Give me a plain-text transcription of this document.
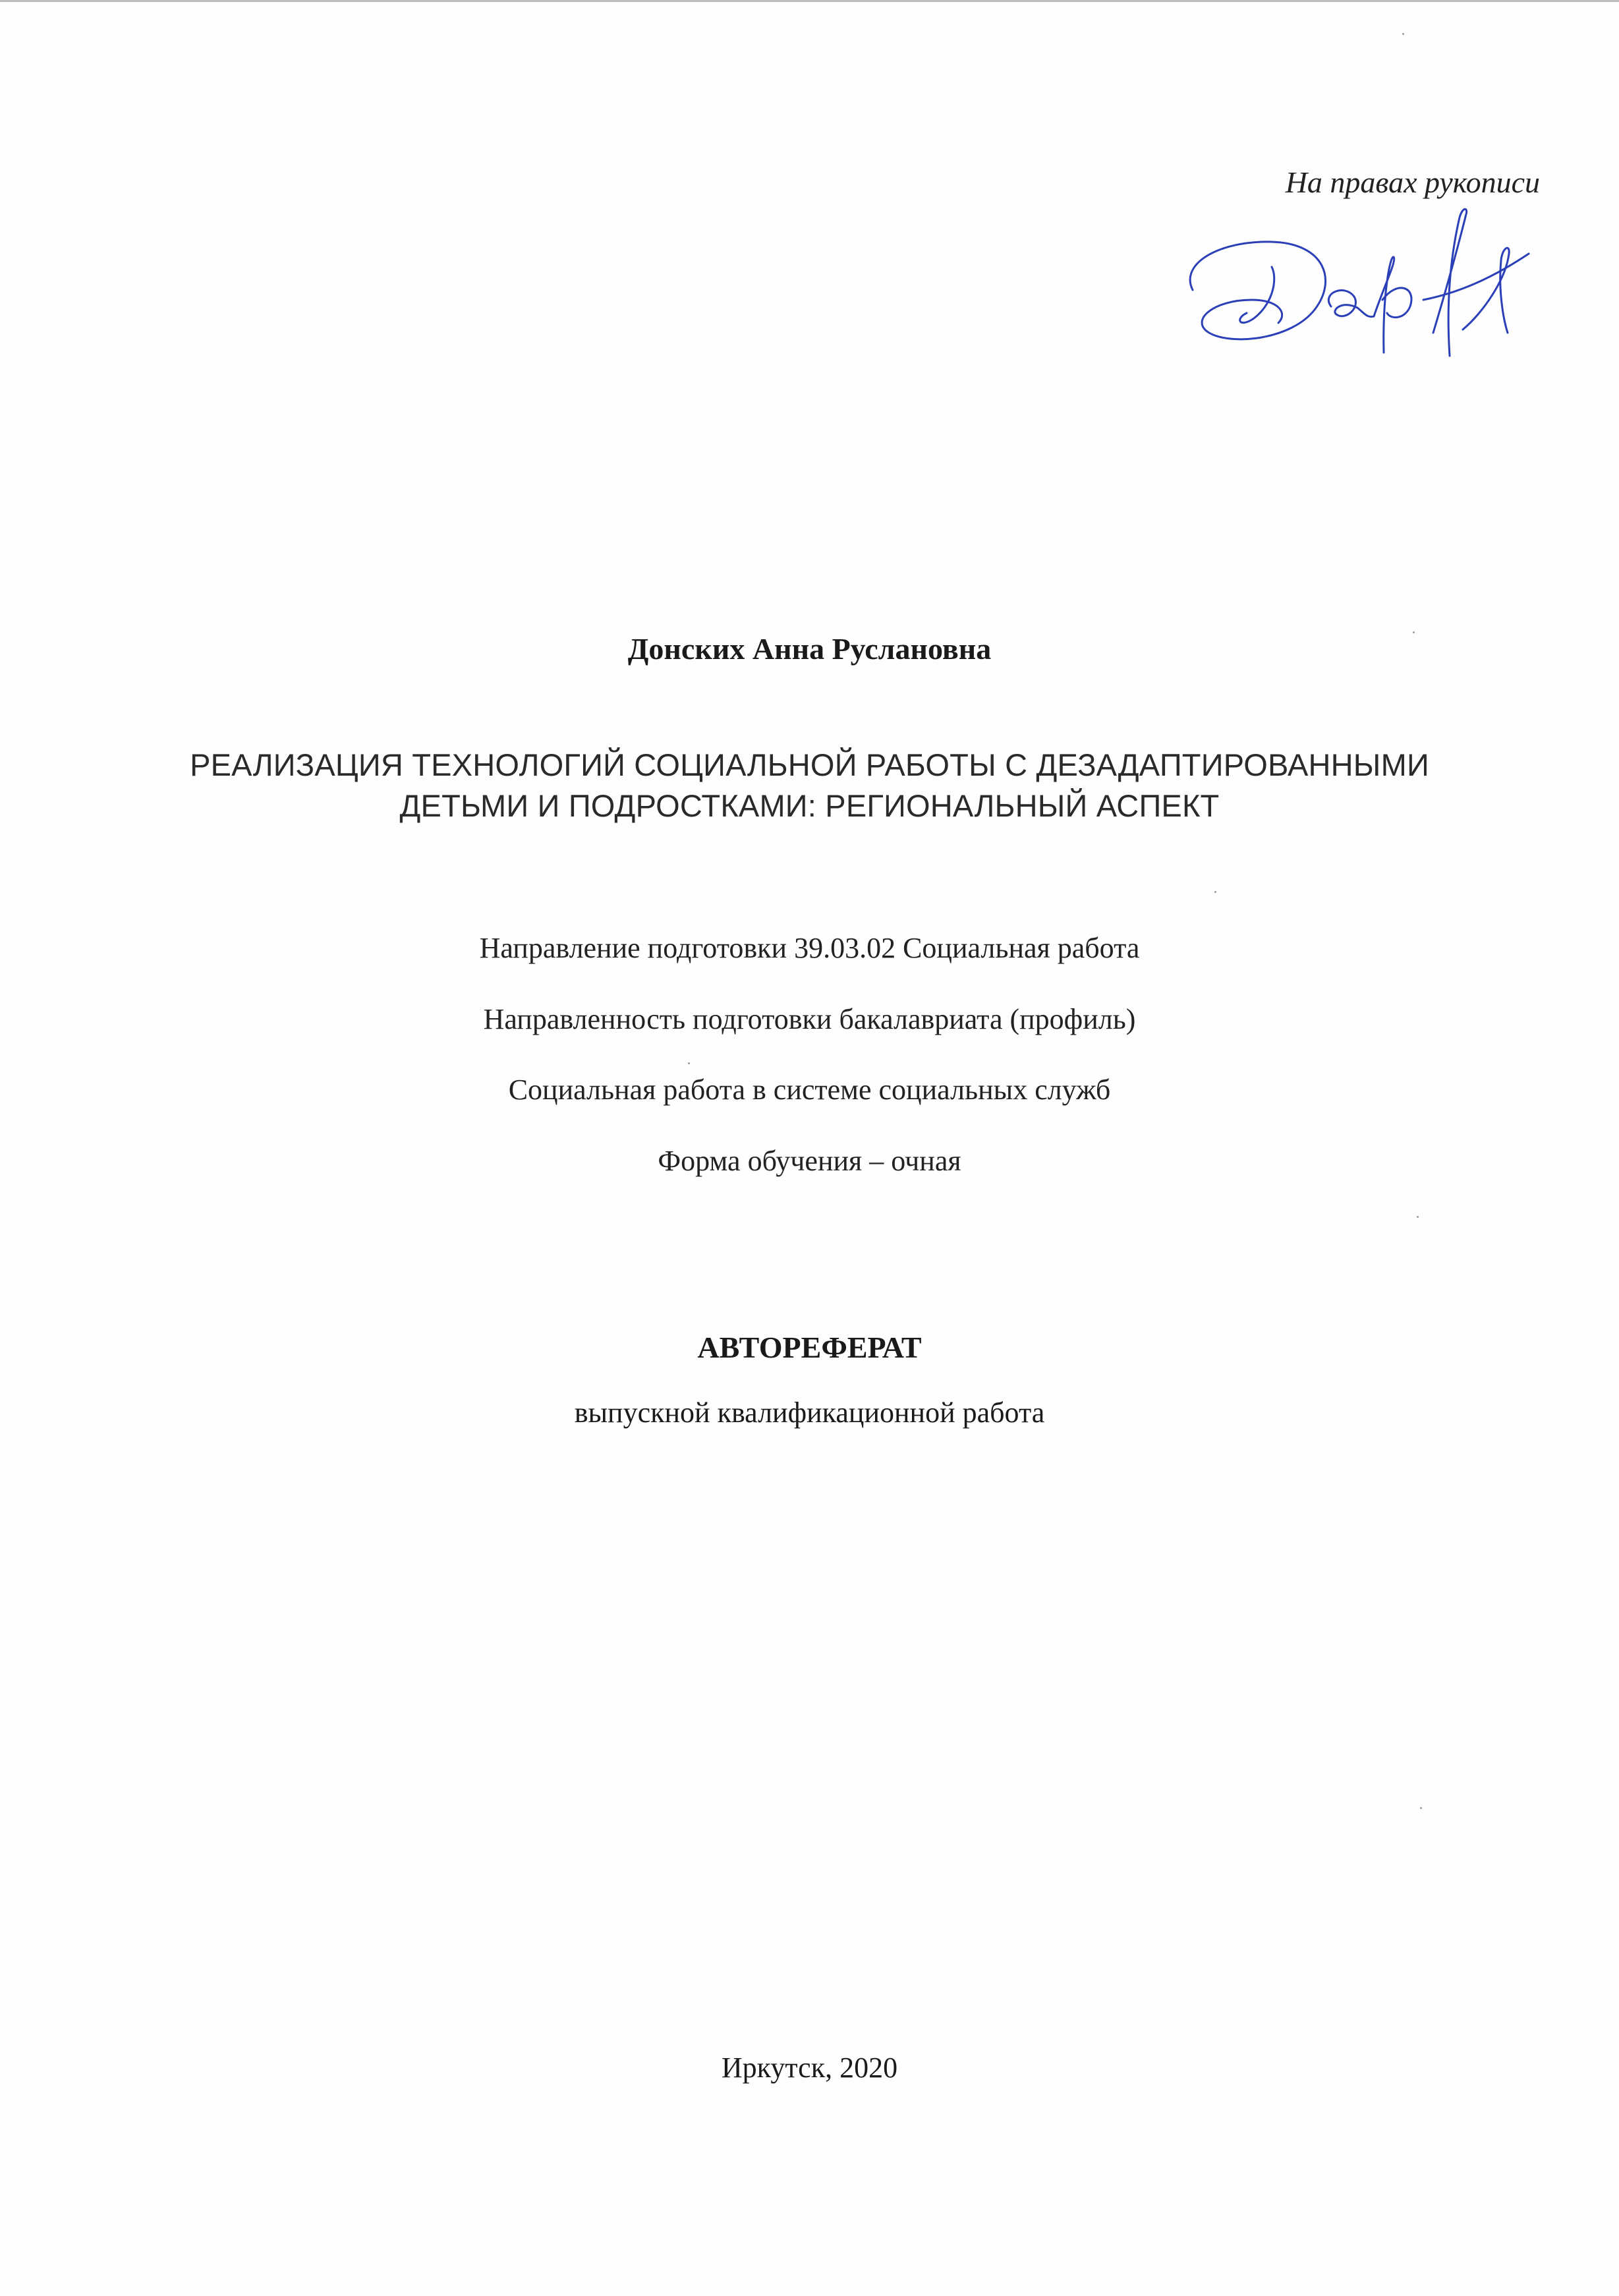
На правах рукописи
Донских Анна Руслановна
РЕАЛИЗАЦИЯ ТЕХНОЛОГИЙ СОЦИАЛЬНОЙ РАБОТЫ С ДЕЗАДАПТИРОВАННЫМИ
ДЕТЬМИ И ПОДРОСТКАМИ: РЕГИОНАЛЬНЫЙ АСПЕКТ
Направление подготовки 39.03.02 Социальная работа
Направленность подготовки бакалавриата (профиль)
Социальная работа в системе социальных служб
Форма обучения – очная
АВТОРЕФЕРАТ
выпускной квалификационной работа
Иркутск, 2020
